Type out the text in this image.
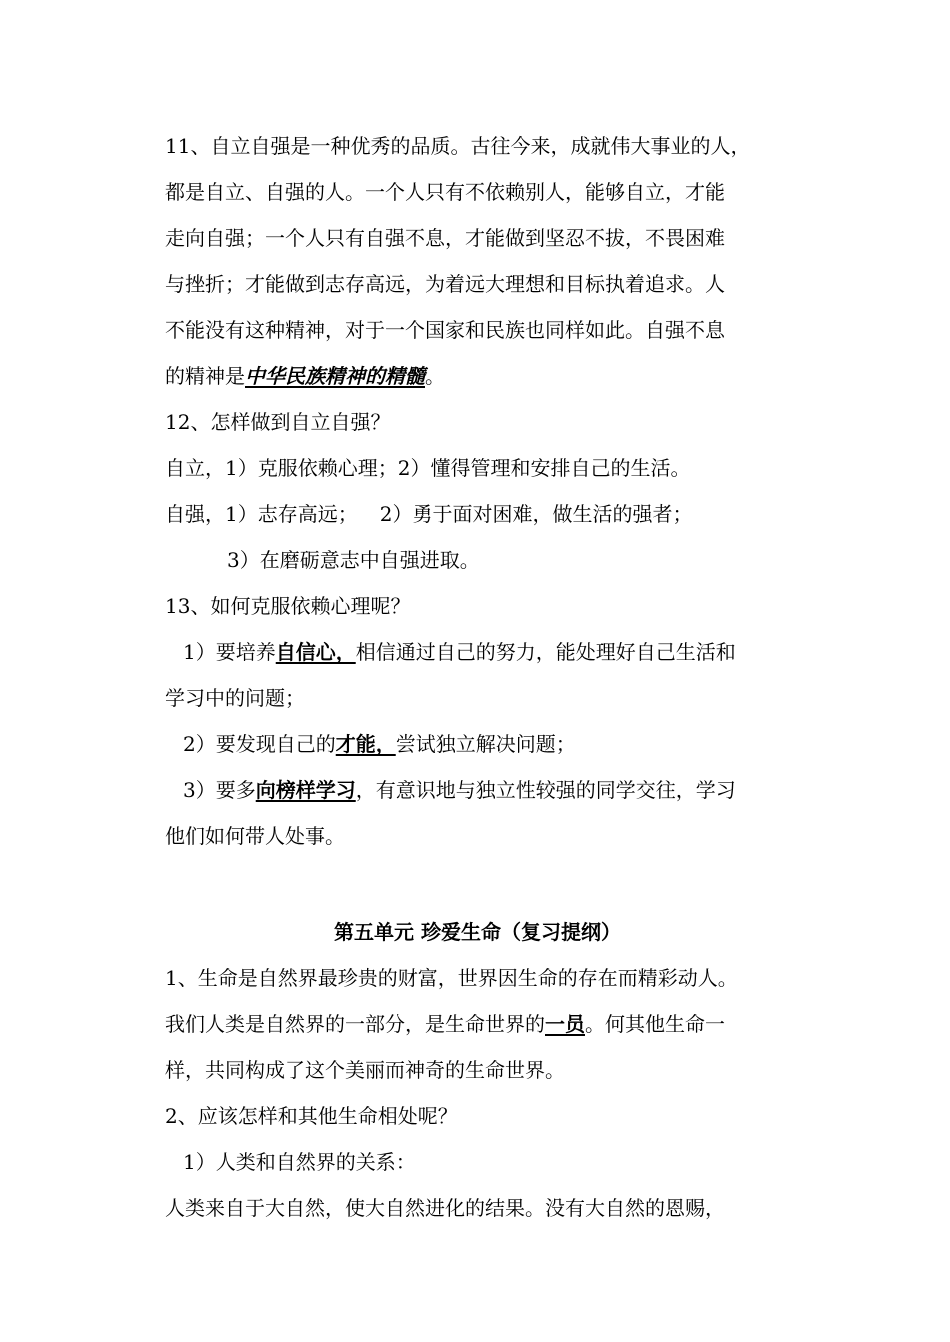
11、自立自强是一种优秀的品质。古往今来，成就伟大事业的人，
都是自立、自强的人。一个人只有不依赖别人，能够自立，才能
走向自强；一个人只有自强不息，才能做到坚忍不拔，不畏困难
与挫折；才能做到志存高远，为着远大理想和目标执着追求。人
不能没有这种精神，对于一个国家和民族也同样如此。自强不息
的精神是中华民族精神的精髓。
12、怎样做到自立自强？
自立，1）克服依赖心理；2）懂得管理和安排自己的生活。
自强，1）志存高远； 2）勇于面对困难，做生活的强者；
3）在磨砺意志中自强进取。
13、如何克服依赖心理呢？
1）要培养自信心，相信通过自己的努力，能处理好自己生活和
学习中的问题；
2）要发现自己的才能，尝试独立解决问题；
3）要多向榜样学习，有意识地与独立性较强的同学交往，学习
他们如何带人处事。
第五单元 珍爱生命（复习提纲）
1、生命是自然界最珍贵的财富，世界因生命的存在而精彩动人。
我们人类是自然界的一部分，是生命世界的一员。何其他生命一
样，共同构成了这个美丽而神奇的生命世界。
2、应该怎样和其他生命相处呢？
1）人类和自然界的关系：
人类来自于大自然，使大自然进化的结果。没有大自然的恩赐，
